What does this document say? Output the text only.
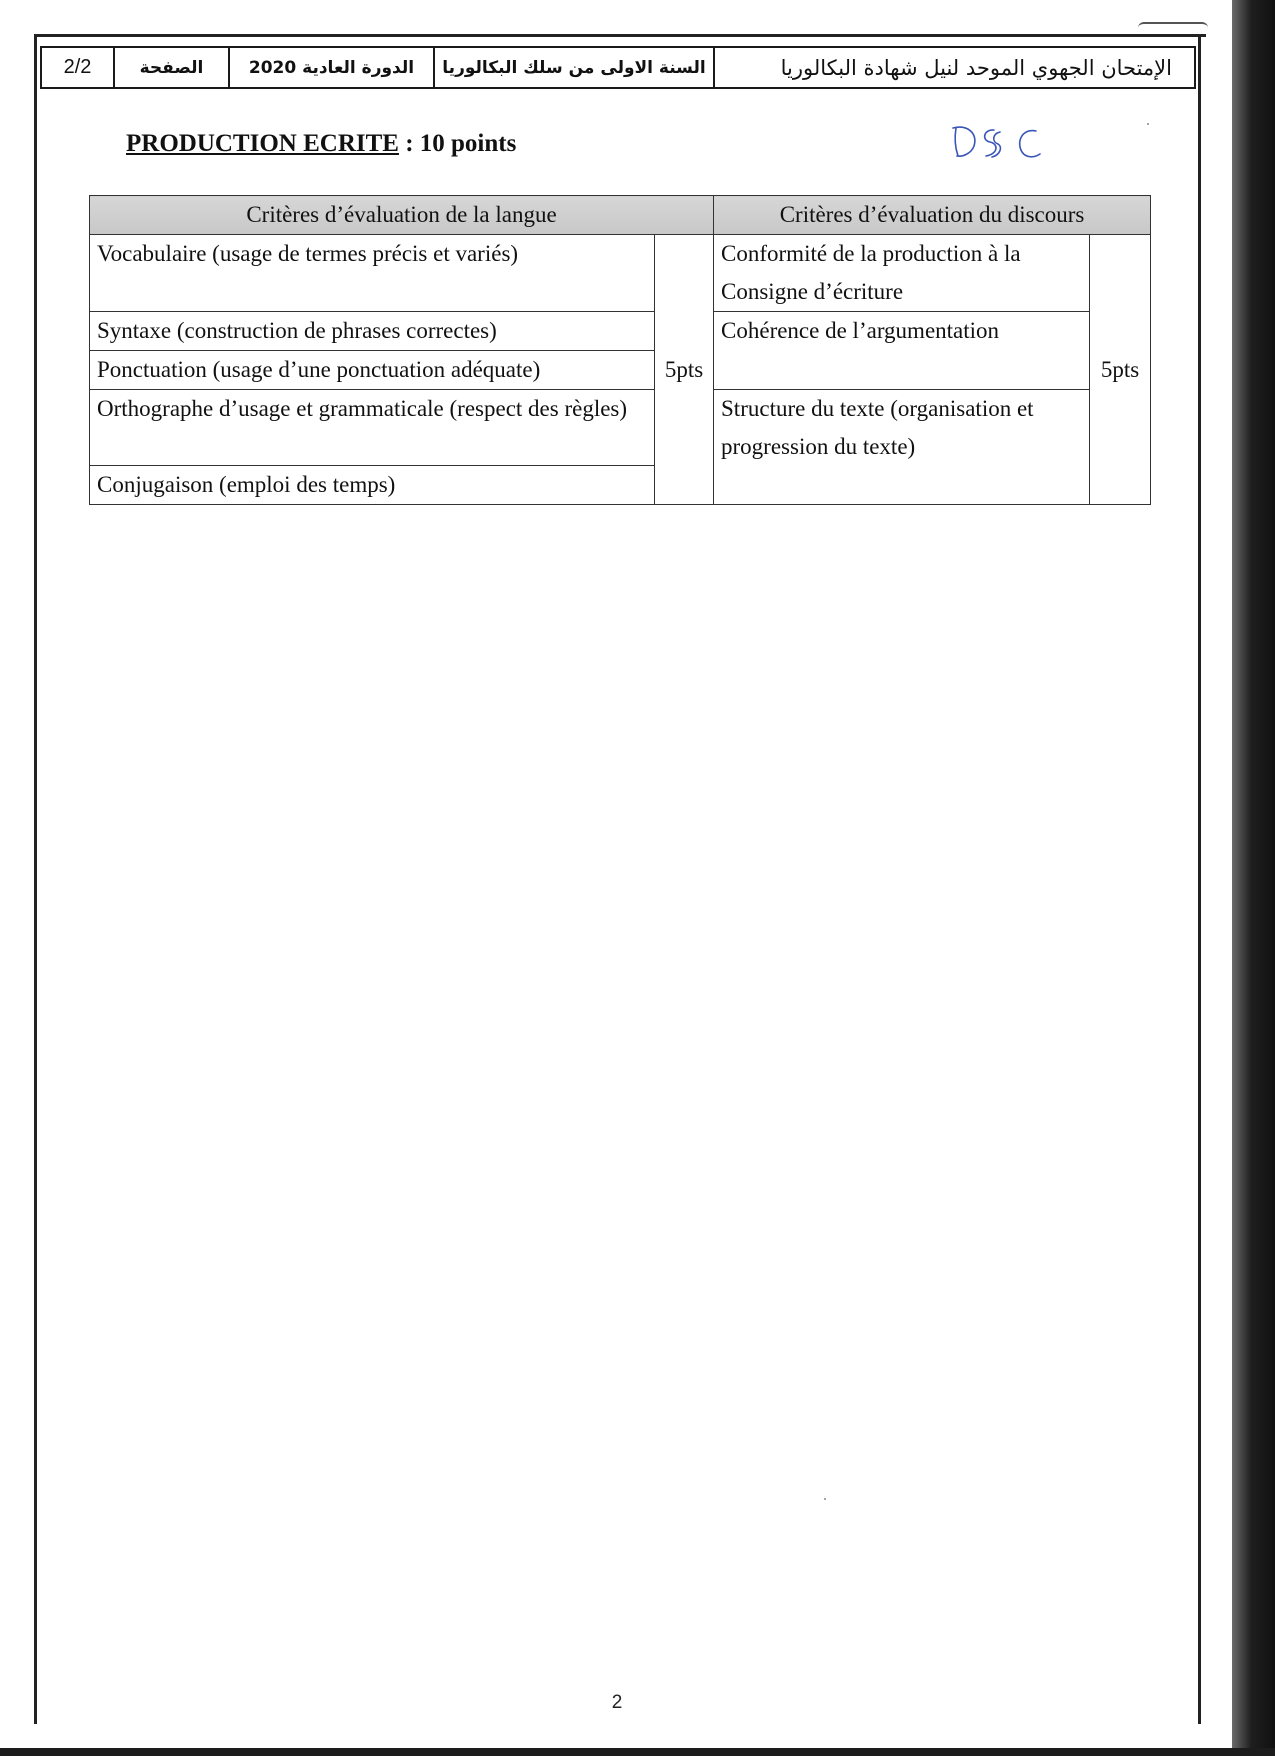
2/2	الصفحة	الدورة العادية 2020	السنة الاولى من سلك البكالوريا	الإمتحان الجهوي الموحد لنيل شهادة البكالوريا
PRODUCTION ECRITE : 10 points
Critères d’évaluation de la langue		Critères d’évaluation du discours	
Vocabulaire (usage de termes précis et variés)	5pts	Conformité de la production à la Consigne d’écriture	5pts
Syntaxe (construction de phrases correctes)		Cohérence de l’argumentation	
Ponctuation (usage d’une ponctuation adéquate)			
Orthographe d’usage et grammaticale (respect des règles)		Structure du texte (organisation et progression du texte)	
Conjugaison (emploi des temps)			
2
